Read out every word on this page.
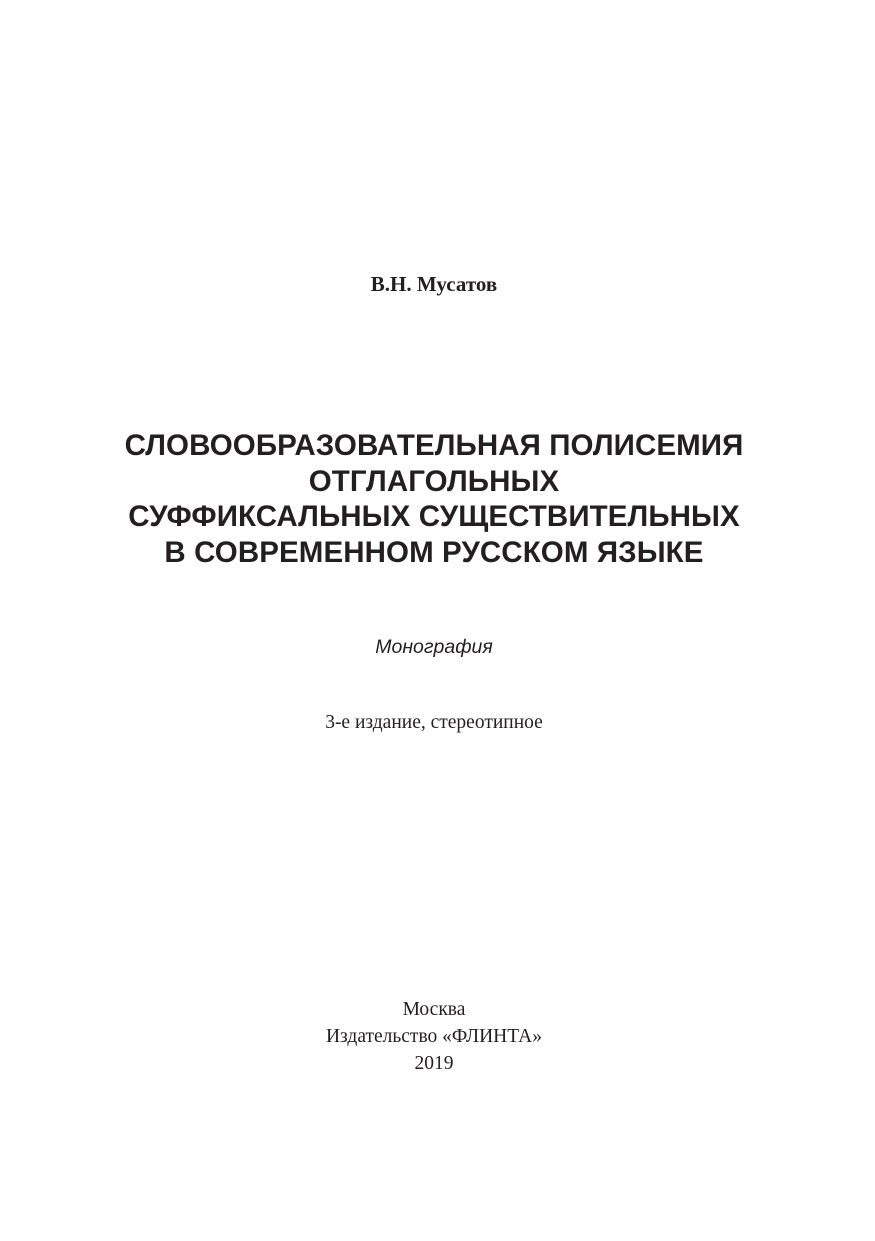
В.Н. Мусатов
СЛОВООБРАЗОВАТЕЛЬНАЯ ПОЛИСЕМИЯ
ОТГЛАГОЛЬНЫХ
СУФФИКСАЛЬНЫХ СУЩЕСТВИТЕЛЬНЫХ
В СОВРЕМЕННОМ РУССКОМ ЯЗЫКЕ
Монография
3-е издание, стереотипное
Москва
Издательство «ФЛИНТА»
2019
